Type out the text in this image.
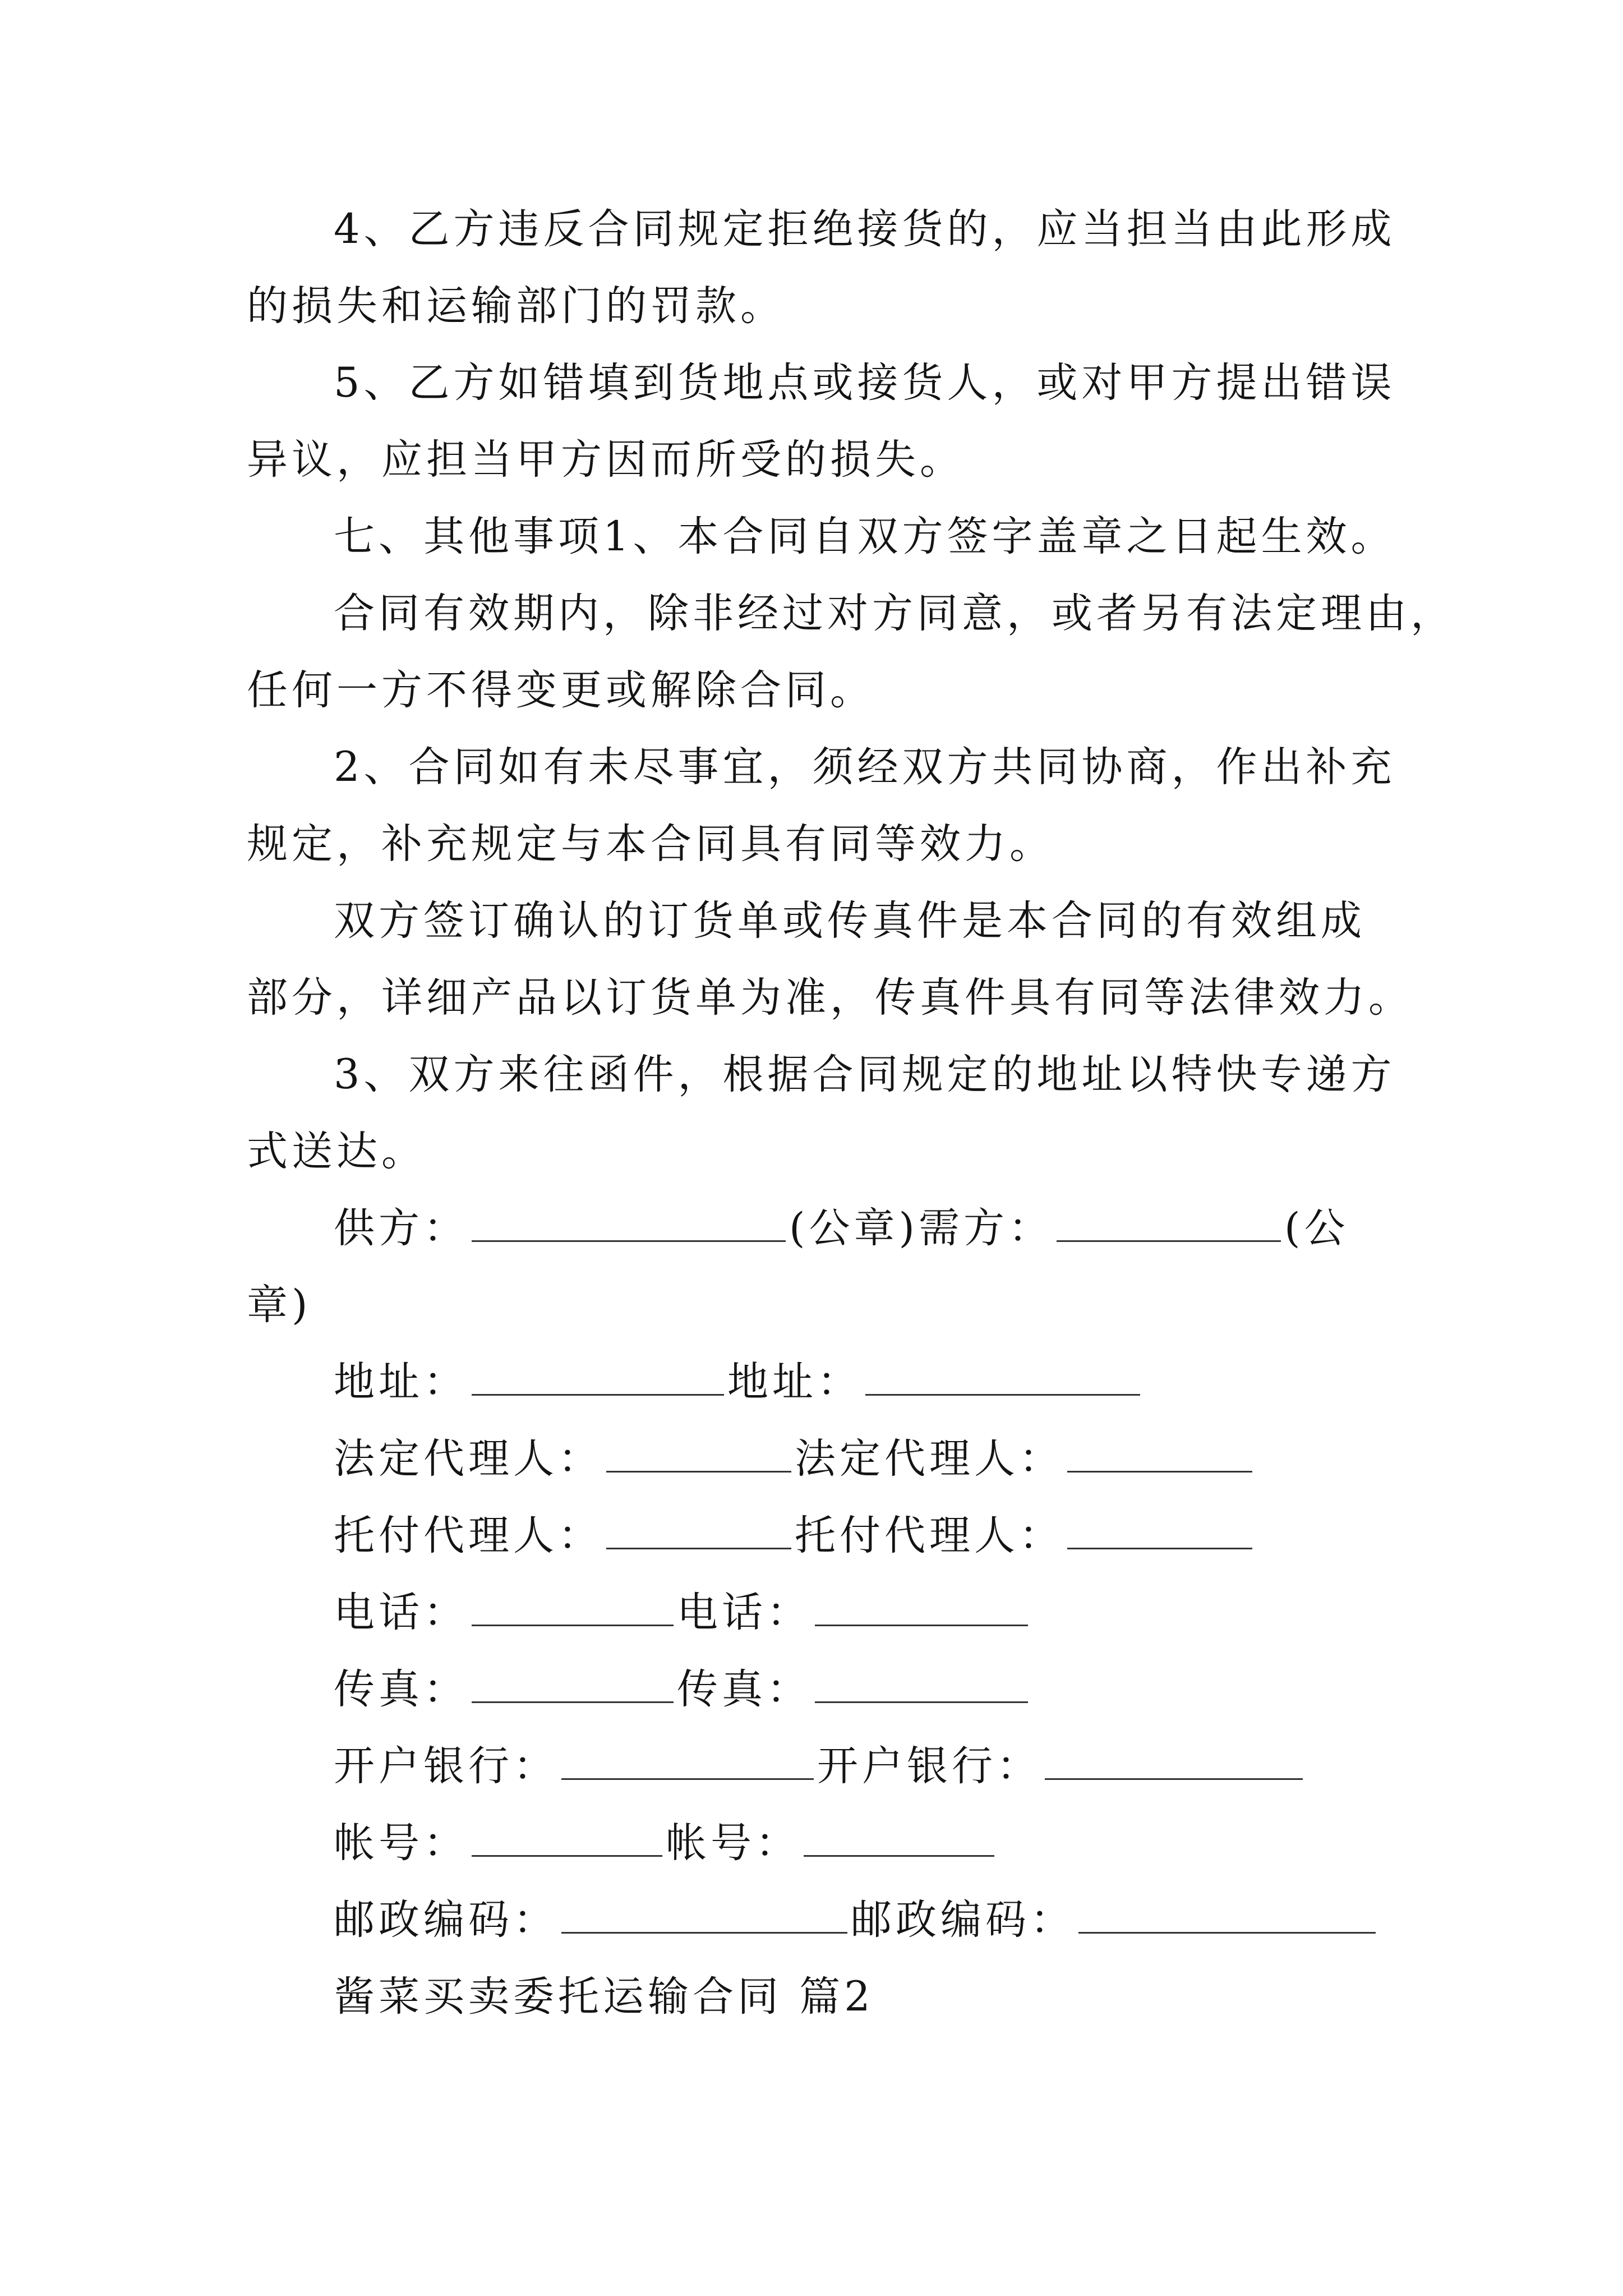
4、乙方违反合同规定拒绝接货的，应当担当由此形成
的损失和运输部门的罚款。
5、乙方如错填到货地点或接货人，或对甲方提出错误
异议，应担当甲方因而所受的损失。
七、其他事项1、本合同自双方签字盖章之日起生效。
合同有效期内，除非经过对方同意，或者另有法定理由，
任何一方不得变更或解除合同。
2、合同如有未尽事宜，须经双方共同协商，作出补充
规定，补充规定与本合同具有同等效力。
双方签订确认的订货单或传真件是本合同的有效组成
部分，详细产品以订货单为准，传真件具有同等法律效力。
3、双方来往函件，根据合同规定的地址以特快专递方
式送达。
供方：	(公章)需方：	(公
章)
地址：	地址：
法定代理人：	法定代理人：
托付代理人：	托付代理人：
电话：	电话：
传真：	传真：
开户银行：	开户银行：
帐号：	帐号：
邮政编码：	邮政编码：
酱菜买卖委托运输合同 篇2
